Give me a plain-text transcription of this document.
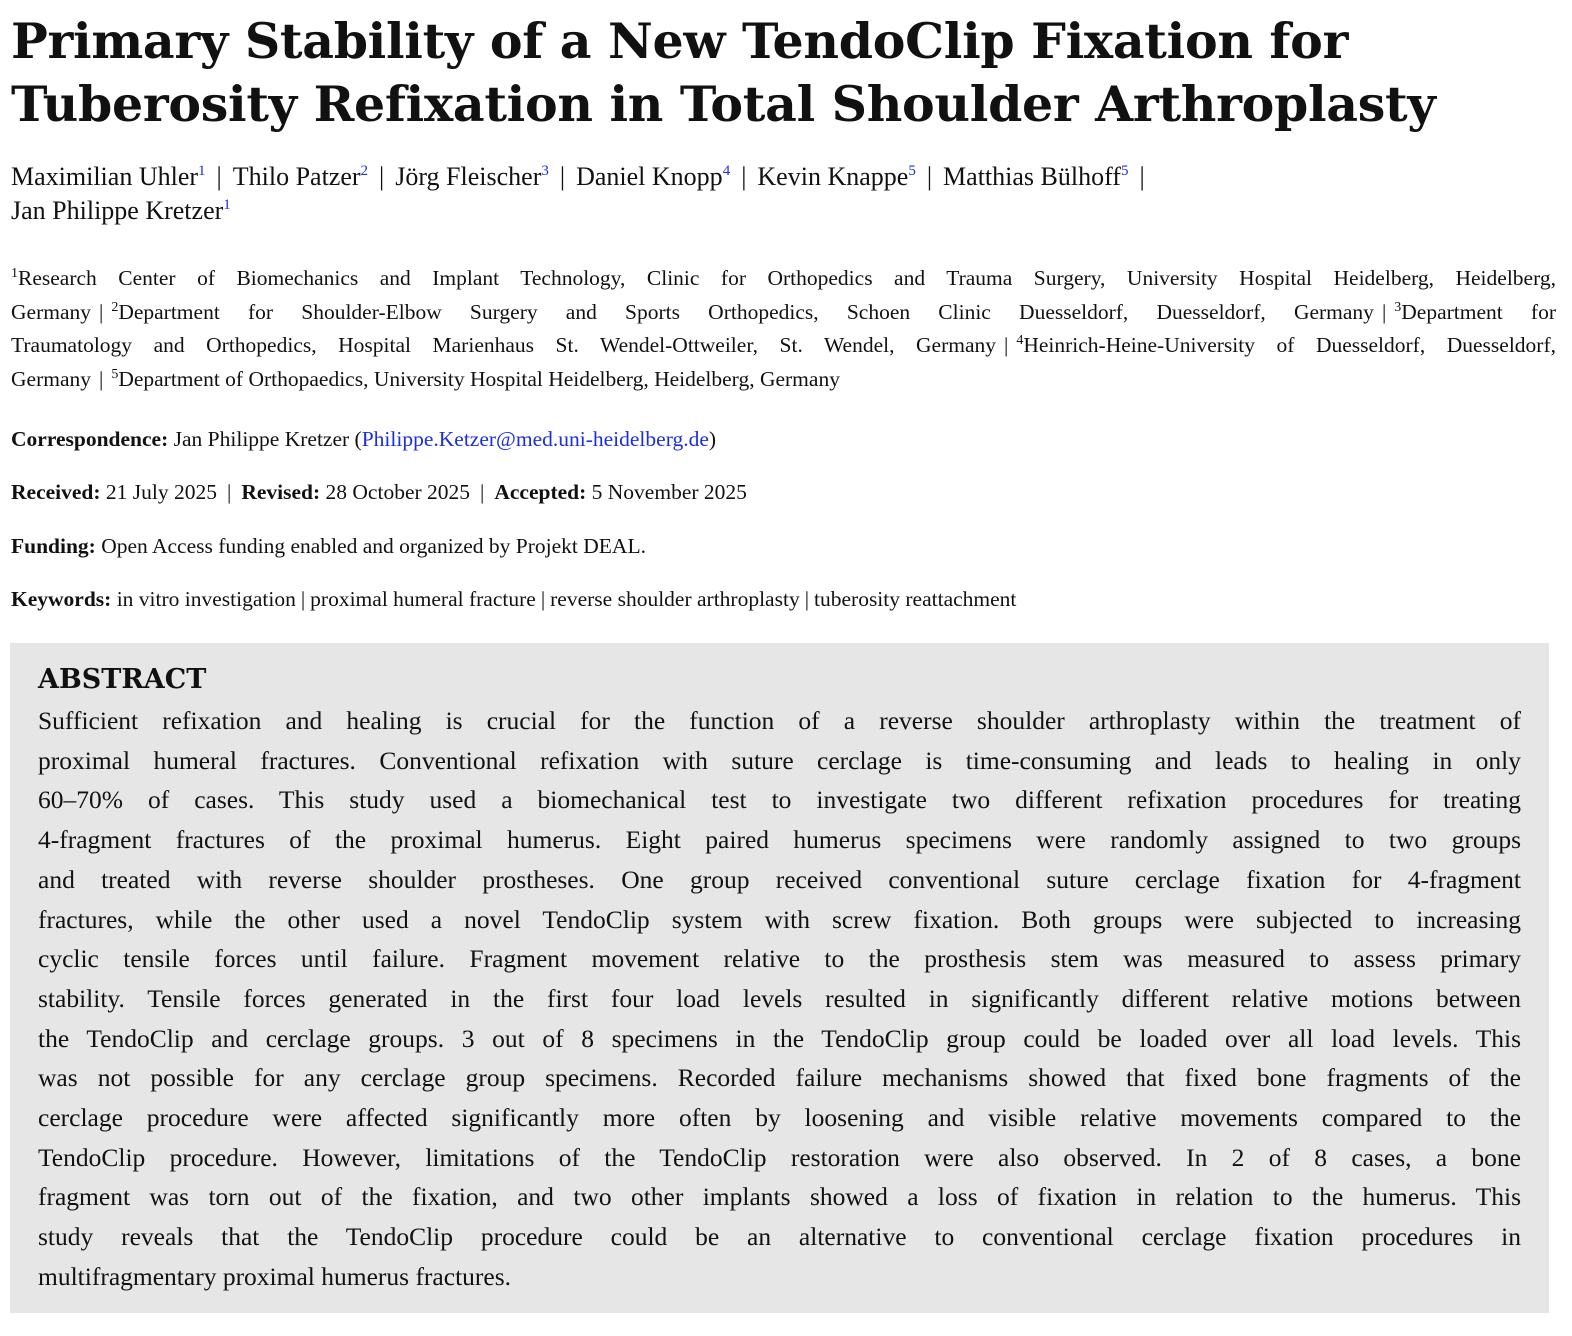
Primary Stability of a New TendoClip Fixation for
Tuberosity Refixation in Total Shoulder Arthroplasty
Maximilian Uhler$^1$ | Thilo Patzer$^2$ | Jörg Fleischer$^3$ | Daniel Knopp$^4$ | Kevin Knappe$^5$ | Matthias Bülhoff$^5$ |
Jan Philippe Kretzer$^1$
$^1$Research Center of Biomechanics and Implant Technology, Clinic for Orthopedics and Trauma Surgery, University Hospital Heidelberg, Heidelberg,
Germany | $^2$Department for Shoulder-Elbow Surgery and Sports Orthopedics, Schoen Clinic Duesseldorf, Duesseldorf, Germany | $^3$Department for
Traumatology and Orthopedics, Hospital Marienhaus St. Wendel-Ottweiler, St. Wendel, Germany | $^4$Heinrich-Heine-University of Duesseldorf, Duesseldorf,
Germany | $^5$Department of Orthopaedics, University Hospital Heidelberg, Heidelberg, Germany
Correspondence: Jan Philippe Kretzer (Philippe.Ketzer@med.uni-heidelberg.de)
Received: 21 July 2025 | Revised: 28 October 2025 | Accepted: 5 November 2025
Funding: Open Access funding enabled and organized by Projekt DEAL.
Keywords: in vitro investigation | proximal humeral fracture | reverse shoulder arthroplasty | tuberosity reattachment
ABSTRACT
Sufficient refixation and healing is crucial for the function of a reverse shoulder arthroplasty within the treatment of
proximal humeral fractures. Conventional refixation with suture cerclage is time-consuming and leads to healing in only
60–70% of cases. This study used a biomechanical test to investigate two different refixation procedures for treating
4-fragment fractures of the proximal humerus. Eight paired humerus specimens were randomly assigned to two groups
and treated with reverse shoulder prostheses. One group received conventional suture cerclage fixation for 4-fragment
fractures, while the other used a novel TendoClip system with screw fixation. Both groups were subjected to increasing
cyclic tensile forces until failure. Fragment movement relative to the prosthesis stem was measured to assess primary
stability. Tensile forces generated in the first four load levels resulted in significantly different relative motions between
the TendoClip and cerclage groups. 3 out of 8 specimens in the TendoClip group could be loaded over all load levels. This
was not possible for any cerclage group specimens. Recorded failure mechanisms showed that fixed bone fragments of the
cerclage procedure were affected significantly more often by loosening and visible relative movements compared to the
TendoClip procedure. However, limitations of the TendoClip restoration were also observed. In 2 of 8 cases, a bone
fragment was torn out of the fixation, and two other implants showed a loss of fixation in relation to the humerus. This
study reveals that the TendoClip procedure could be an alternative to conventional cerclage fixation procedures in
multifragmentary proximal humerus fractures.
